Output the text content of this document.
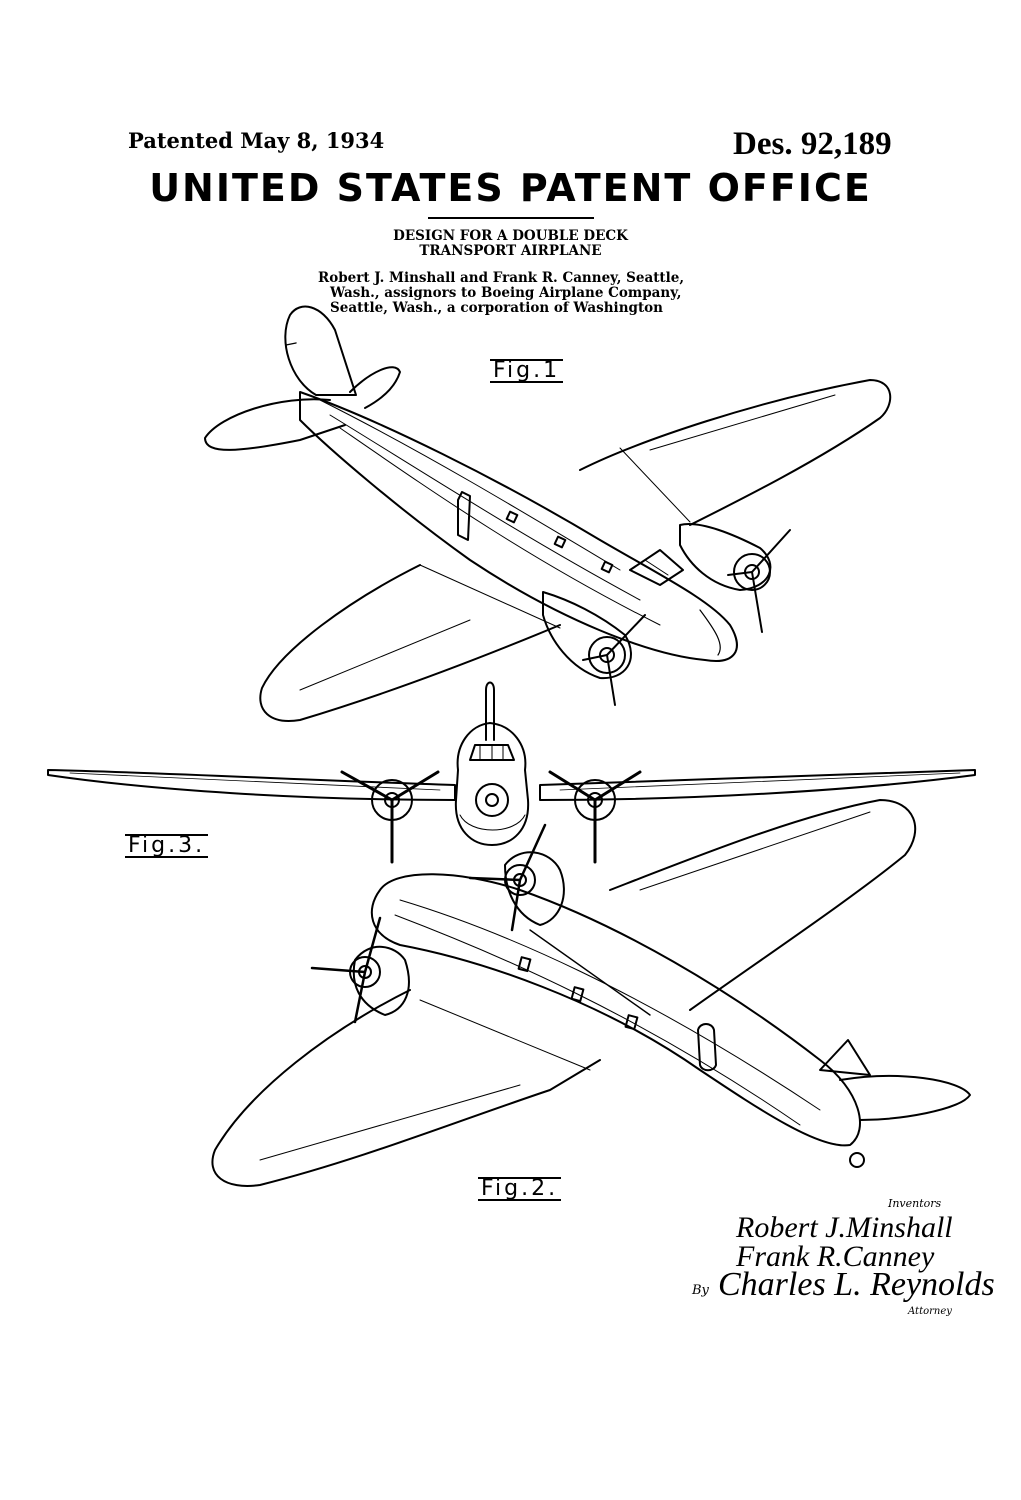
Patented May 8, 1934	Des. 92,189
UNITED STATES PATENT OFFICE
DESIGN FOR A DOUBLE DECK
TRANSPORT AIRPLANE
Robert J. Minshall and Frank R. Canney, Seattle,
Wash., assignors to Boeing Airplane Company,
Seattle, Wash., a corporation of Washington
Fig.1
Fig.3.
Fig.2.
Inventors
Robert J.Minshall
Frank R.Canney
By Charles L. Reynolds
Attorney
